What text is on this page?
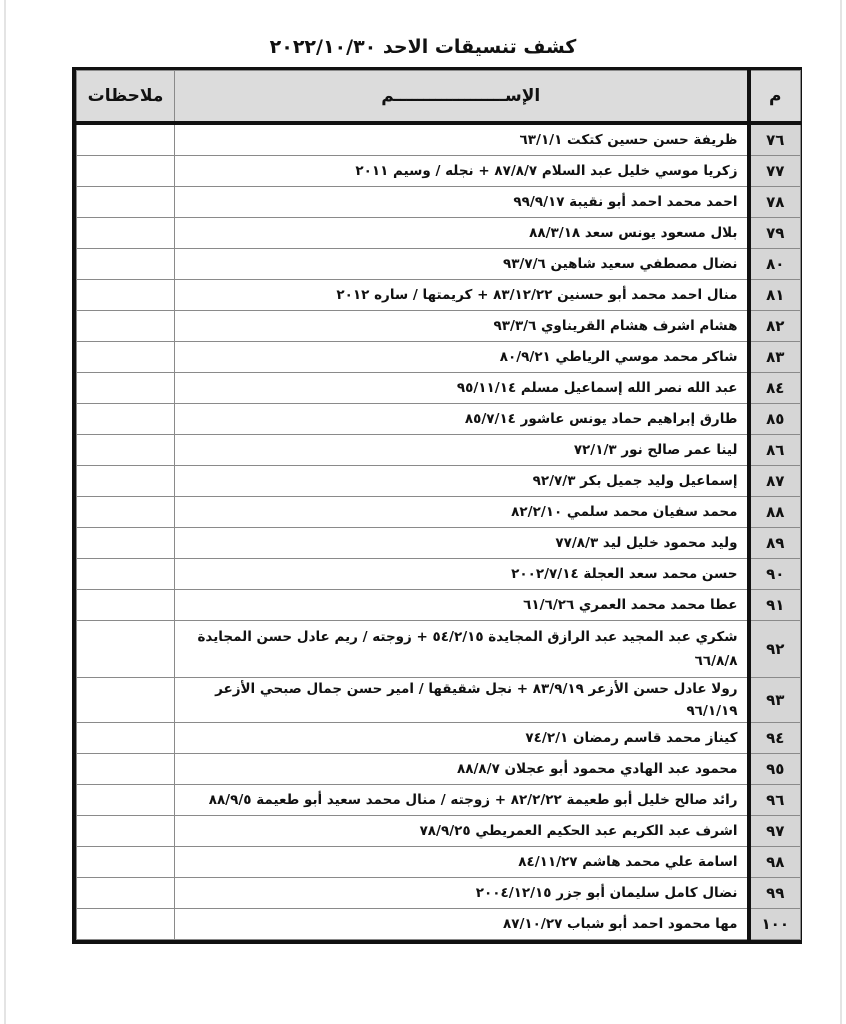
كشف تنسيقات الاحد ٢٠٢٢/١٠/٣٠
م	الإســـــــــــــــــــم	ملاحظات
٧٦	ظريفة حسن حسين كتكت ٦٣/١/١	
٧٧	زكريا موسي خليل عبد السلام ٨٧/٨/٧ + نجله / وسيم ٢٠١١	
٧٨	احمد محمد احمد أبو نقيبة ٩٩/٩/١٧	
٧٩	بلال مسعود يونس سعد ٨٨/٣/١٨	
٨٠	نضال مصطفي سعيد شاهين ٩٣/٧/٦	
٨١	منال احمد محمد أبو حسنين ٨٣/١٢/٢٢ + كريمتها / ساره ٢٠١٢	
٨٢	هشام اشرف هشام القريناوي ٩٣/٣/٦	
٨٣	شاكر محمد موسي الرياطي ٨٠/٩/٢١	
٨٤	عبد الله نصر الله إسماعيل مسلم ٩٥/١١/١٤	
٨٥	طارق إبراهيم حماد يونس عاشور ٨٥/٧/١٤	
٨٦	لينا عمر صالح نور ٧٢/١/٣	
٨٧	إسماعيل وليد جميل بكر ٩٢/٧/٣	
٨٨	محمد سفيان محمد سلمي ٨٢/٢/١٠	
٨٩	وليد محمود خليل ليد ٧٧/٨/٣	
٩٠	حسن محمد سعد العجلة ٢٠٠٢/٧/١٤	
٩١	عطا محمد محمد العمري ٦١/٦/٢٦	
٩٢	شكري عبد المجيد عبد الرازق المجايدة ٥٤/٢/١٥ + زوجته / ريم عادل حسن المجايدة ٦٦/٨/٨	
٩٣	رولا عادل حسن الأزعر ٨٣/٩/١٩ + نجل شقيقها / امير حسن جمال صبحي الأزعر ٩٦/١/١٩	
٩٤	كيناز محمد قاسم رمضان ٧٤/٢/١	
٩٥	محمود عبد الهادي محمود أبو عجلان ٨٨/٨/٧	
٩٦	رائد صالح خليل أبو طعيمة ٨٢/٢/٢٢ + زوجته / منال محمد سعيد أبو طعيمة ٨٨/٩/٥	
٩٧	اشرف عبد الكريم عبد الحكيم العمريطي ٧٨/٩/٢٥	
٩٨	اسامة علي محمد هاشم ٨٤/١١/٢٧	
٩٩	نضال كامل سليمان أبو جزر ٢٠٠٤/١٢/١٥	
١٠٠	مها محمود احمد أبو شباب ٨٧/١٠/٢٧	
